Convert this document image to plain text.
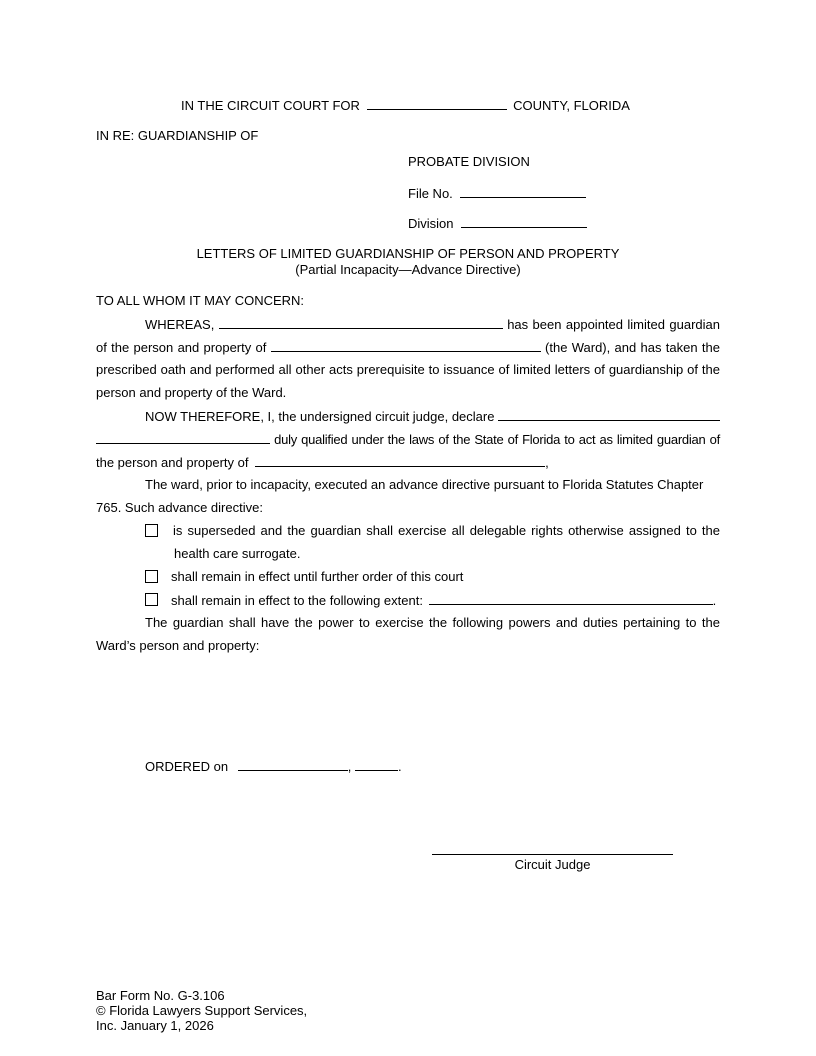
IN THE CIRCUIT COURT FOR	COUNTY, FLORIDA
IN RE: GUARDIANSHIP OF
PROBATE DIVISION
File No.
Division
LETTERS OF LIMITED GUARDIANSHIP OF PERSON AND PROPERTY
(Partial Incapacity—Advance Directive)
TO ALL WHOM IT MAY CONCERN:
WHEREAS,	has been appointed limited guardian
of the person and property of	(the Ward), and has taken the
prescribed oath and performed all other acts prerequisite to issuance of limited letters of guardianship of the
person and property of the Ward.
NOW THEREFORE, I, the undersigned circuit judge, declare
duly qualified under the laws of the State of Florida to act as limited guardian of
the person and property of	,
The ward, prior to incapacity, executed an advance directive pursuant to Florida Statutes Chapter
765. Such advance directive:
is superseded and the guardian shall exercise all delegable rights otherwise assigned to the
health care surrogate.
shall remain in effect until further order of this court
shall remain in effect to the following extent:	.
The guardian shall have the power to exercise the following powers and duties pertaining to the
Ward’s person and property:
ORDERED on	,	.
Circuit Judge
Bar Form No. G-3.106
© Florida Lawyers Support Services,
Inc. January 1, 2026
